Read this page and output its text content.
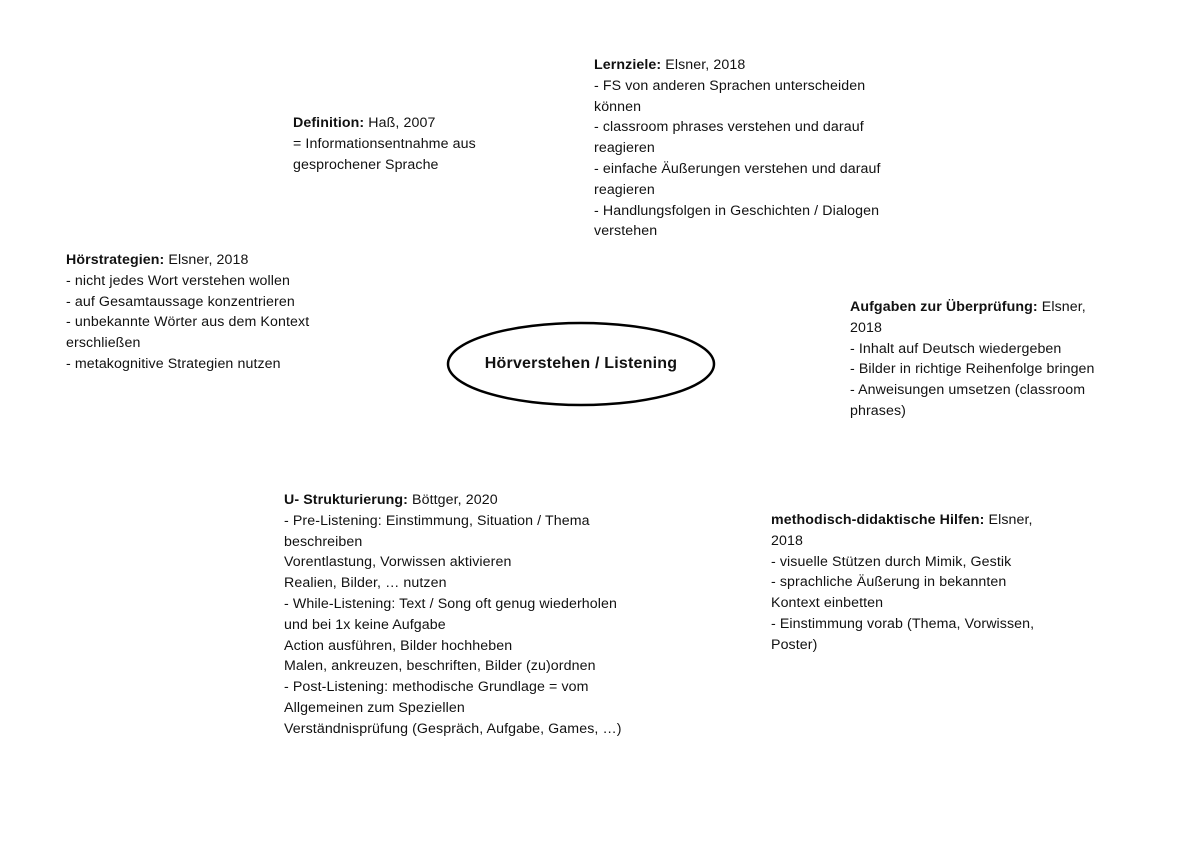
Hörverstehen / Listening
Definition: Haß, 2007
= Informationsentnahme aus
gesprochener Sprache
Lernziele: Elsner, 2018
- FS von anderen Sprachen unterscheiden
können
- classroom phrases verstehen und darauf
reagieren
- einfache Äußerungen verstehen und darauf
reagieren
- Handlungsfolgen in Geschichten / Dialogen
verstehen
Hörstrategien: Elsner, 2018
- nicht jedes Wort verstehen wollen
- auf Gesamtaussage konzentrieren
- unbekannte Wörter aus dem Kontext
erschließen
- metakognitive Strategien nutzen
Aufgaben zur Überprüfung: Elsner,
2018
- Inhalt auf Deutsch wiedergeben
- Bilder in richtige Reihenfolge bringen
- Anweisungen umsetzen (classroom
phrases)
U- Strukturierung: Böttger, 2020
- Pre-Listening: Einstimmung, Situation / Thema
beschreiben
Vorentlastung, Vorwissen aktivieren
Realien, Bilder, … nutzen
- While-Listening: Text / Song oft genug wiederholen
und bei 1x keine Aufgabe
Action ausführen, Bilder hochheben
Malen, ankreuzen, beschriften, Bilder (zu)ordnen
- Post-Listening: methodische Grundlage = vom
Allgemeinen zum Speziellen
Verständnisprüfung (Gespräch, Aufgabe, Games, …)
methodisch-didaktische Hilfen: Elsner,
2018
- visuelle Stützen durch Mimik, Gestik
- sprachliche Äußerung in bekannten
Kontext einbetten
- Einstimmung vorab (Thema, Vorwissen,
Poster)
